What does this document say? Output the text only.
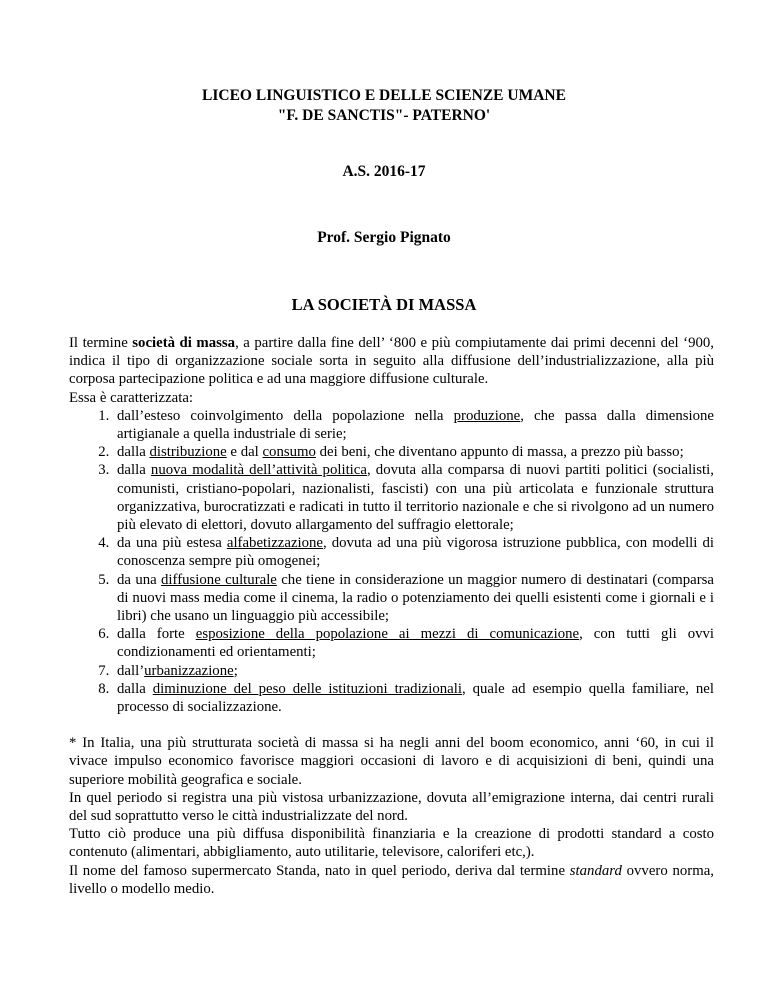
LICEO LINGUISTICO E DELLE SCIENZE UMANE
"F. DE SANCTIS"- PATERNO'
A.S. 2016-17
Prof. Sergio Pignato
LA SOCIETÀ DI MASSA

Il termine società di massa, a partire dalla fine dell’ ‘800 e più compiutamente dai primi decenni del ‘900, indica il tipo di organizzazione sociale sorta in seguito alla diffusione dell’industrializzazione, alla più corposa partecipazione politica e ad una maggiore diffusione culturale.

Essa è caratterizzata:

1. dall’esteso coinvolgimento della popolazione nella produzione, che passa dalla dimensione artigianale a quella industriale di serie;
2. dalla distribuzione e dal consumo dei beni, che diventano appunto di massa, a prezzo più basso;
3. dalla nuova modalità dell’attività politica, dovuta alla comparsa di nuovi partiti politici (socialisti, comunisti, cristiano-popolari, nazionalisti, fascisti) con una più articolata e funzionale struttura organizzativa, burocratizzati e radicati in tutto il territorio nazionale e che si rivolgono ad un numero più elevato di elettori, dovuto allargamento del suffragio elettorale;
4. da una più estesa alfabetizzazione, dovuta ad una più vigorosa istruzione pubblica, con modelli di conoscenza sempre più omogenei;
5. da una diffusione culturale che tiene in considerazione un maggior numero di destinatari (comparsa di nuovi mass media come il cinema, la radio o potenziamento dei quelli esistenti come i giornali e i libri) che usano un linguaggio più accessibile;
6. dalla forte esposizione della popolazione ai mezzi di comunicazione, con tutti gli ovvi condizionamenti ed orientamenti;
7. dall’urbanizzazione;
8. dalla diminuzione del peso delle istituzioni tradizionali, quale ad esempio quella familiare, nel processo di socializzazione.

* In Italia, una più strutturata società di massa si ha negli anni del boom economico, anni ‘60, in cui il vivace impulso economico favorisce maggiori occasioni di lavoro e di acquisizioni di beni, quindi una superiore mobilità geografica e sociale.

In quel periodo si registra una più vistosa urbanizzazione, dovuta all’emigrazione interna, dai centri rurali del sud soprattutto verso le città industrializzate del nord.

Tutto ciò produce una più diffusa disponibilità finanziaria e la creazione di prodotti standard a costo contenuto (alimentari, abbigliamento, auto utilitarie, televisore, caloriferi etc,).

Il nome del famoso supermercato Standa, nato in quel periodo, deriva dal termine standard ovvero norma, livello o modello medio.
